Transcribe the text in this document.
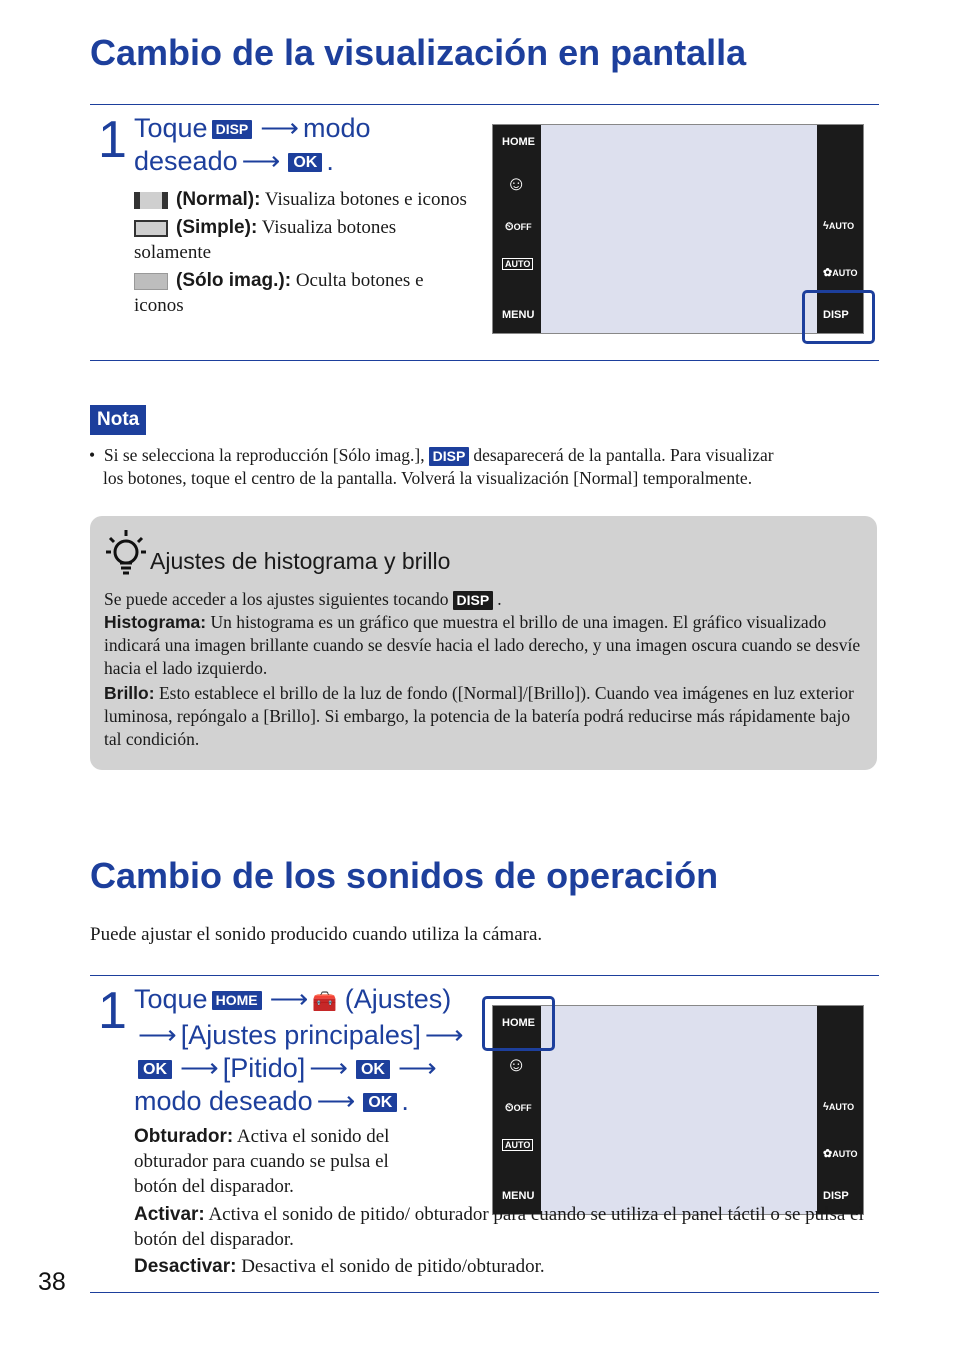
Cambio de la visualización en pantalla
1 Toque DISP ⟶ modo
deseado ⟶ OK .
(Normal): Visualiza botones e iconos
(Simple): Visualiza botones solamente
(Sólo imag.): Oculta botones e iconos
HOME
☺
⏲OFF
AUTO
MENU
ϟAUTO
✿AUTO
DISP
Nota
• Si se selecciona la reproducción [Sólo imag.], DISP desaparecerá de la pantalla. Para visualizar
los botones, toque el centro de la pantalla. Volverá la visualización [Normal] temporalmente.
Ajustes de histograma y brillo
Se puede acceder a los ajustes siguientes tocando DISP .
Histograma: Un histograma es un gráfico que muestra el brillo de una imagen. El gráfico visualizado indicará una imagen brillante cuando se desvíe hacia el lado derecho, y una imagen oscura cuando se desvíe hacia el lado izquierdo.
Brillo: Esto establece el brillo de la luz de fondo ([Normal]/[Brillo]). Cuando vea imágenes en luz exterior luminosa, repóngalo a [Brillo]. Si embargo, la potencia de la batería podrá reducirse más rápidamente bajo tal condición.
Cambio de los sonidos de operación
Puede ajustar el sonido producido cuando utiliza la cámara.
1 Toque HOME ⟶ 🧰 (Ajustes)
⟶ [Ajustes principales] ⟶
OK ⟶ [Pitido] ⟶ OK ⟶
modo deseado ⟶ OK .
HOME
☺
⏲OFF
AUTO
MENU
ϟAUTO
✿AUTO
DISP
Obturador: Activa el sonido del obturador para cuando se pulsa el botón del disparador.
Activar: Activa el sonido de pitido/ obturador para cuando se utiliza el panel táctil o se pulsa el botón del disparador.
Desactivar: Desactiva el sonido de pitido/obturador.
38
